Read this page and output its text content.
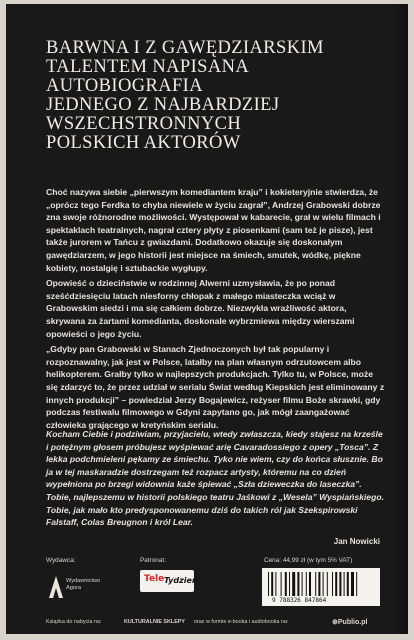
BARWNA I Z GAWĘDZIARSKIM
TALENTEM NAPISANA
AUTOBIOGRAFIA
JEDNEGO Z NAJBARDZIEJ
WSZECHSTRONNYCH
POLSKICH AKTORÓW

Choć nazywa siebie „pierwszym komediantem kraju” i kokieteryjnie stwierdza, że „oprócz tego Ferdka to chyba niewiele w życiu zagrał”, Andrzej Grabowski dobrze zna swoje różnorodne możliwości. Występował w kabarecie, grał w wielu filmach i spektaklach teatralnych, nagrał cztery płyty z piosenkami (sam też je pisze), jest także jurorem w Tańcu z gwiazdami. Dodatkowo okazuje się doskonałym gawędziarzem, w jego historii jest miejsce na śmiech, smutek, wódkę, piękne kobiety, nostalgię i sztubackie wygłupy.

Opowieść o dzieciństwie w rodzinnej Alwerni uzmysławia, że po ponad sześćdziesięciu latach niesforny chłopak z małego miasteczka wciąż w Grabowskim siedzi i ma się całkiem dobrze. Niezwykła wrażliwość aktora, skrywana za żartami komedianta, doskonale wybrzmiewa między wierszami opowieści o jego życiu.

„Gdyby pan Grabowski w Stanach Zjednoczonych był tak popularny i rozpoznawalny, jak jest w Polsce, latałby na plan własnym odrzutowcem albo helikopterem. Grałby tylko w najlepszych produkcjach. Tylko tu, w Polsce, może się zdarzyć to, że przez udział w serialu Świat według Kiepskich jest eliminowany z innych produkcji” – powiedział Jerzy Bogajewicz, reżyser filmu Boże skrawki, gdy podczas festiwalu filmowego w Gdyni zapytano go, jak mógł zaangażować człowieka grającego w kretyńskim serialu.

Kocham Ciebie i podziwiam, przyjacielu, wtedy zwłaszcza, kiedy stajesz na krześle i potężnym głosem próbujesz wyśpiewać arię Cavaradossiego z opery „Tosca”. Z lekka podchmieleni pękamy ze śmiechu. Tyko nie wiem, czy do końca słusznie. Bo ja w tej maskaradzie dostrzegam też rozpacz artysty, któremu na co dzień wypełniona po brzegi widownia każe śpiewać „Szła dzieweczka do laseczka”. Tobie, najlepszemu w historii polskiego teatru Jaśkowi z „Wesela” Wyspiańskiego. Tobie, jak mało kto predysponowanemu dziś do takich ról jak Szekspirowski Falstaff, Colas Breugnon i król Lear.

Jan Nowicki
Wydawca:
Wydawnictwo Agora
Patronat:
Tele Tydzień
Cena: 44,99 zł (w tym 5% VAT)
9 788326 847864
Książka do nabycia na:	KULTURALNIE SKLEPY oraz w formie e-booka i audiobooka na:	⊕Publio.pl
